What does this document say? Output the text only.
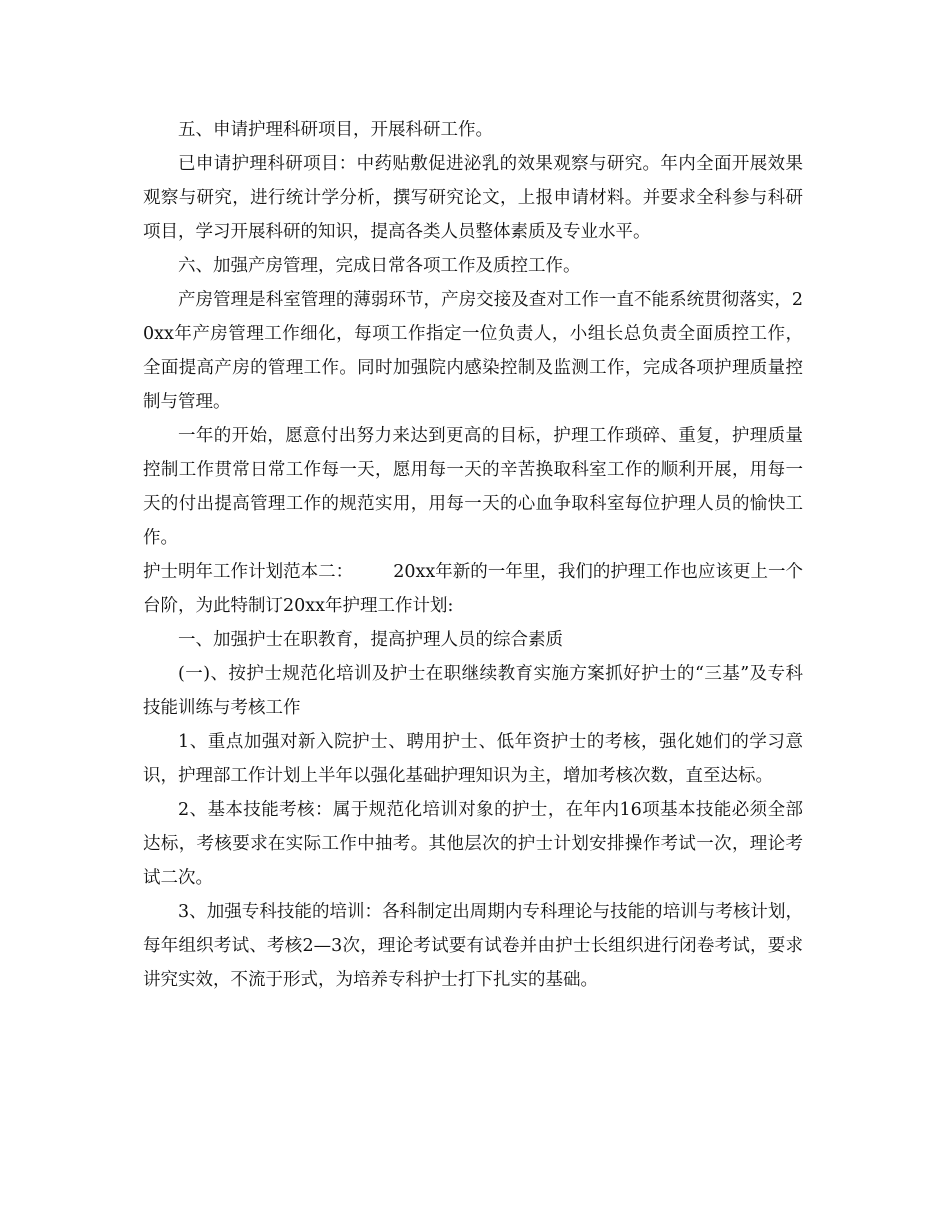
五、申请护理科研项目，开展科研工作。

已申请护理科研项目：中药贴敷促进泌乳的效果观察与研究。年内全面开展效果观察与研究，进行统计学分析，撰写研究论文，上报申请材料。并要求全科参与科研项目，学习开展科研的知识，提高各类人员整体素质及专业水平。

六、加强产房管理，完成日常各项工作及质控工作。

产房管理是科室管理的薄弱环节，产房交接及查对工作一直不能系统贯彻落实，20xx年产房管理工作细化，每项工作指定一位负责人，小组长总负责全面质控工作，全面提高产房的管理工作。同时加强院内感染控制及监测工作，完成各项护理质量控制与管理。

一年的开始，愿意付出努力来达到更高的目标，护理工作琐碎、重复，护理质量控制工作贯常日常工作每一天，愿用每一天的辛苦换取科室工作的顺利开展，用每一天的付出提高管理工作的规范实用，用每一天的心血争取科室每位护理人员的愉快工作。

护士明年工作计划范本二： 20xx年新的一年里，我们的护理工作也应该更上一个台阶，为此特制订20xx年护理工作计划:

一、加强护士在职教育，提高护理人员的综合素质

(一)、按护士规范化培训及护士在职继续教育实施方案抓好护士的“三基”及专科技能训练与考核工作

1、重点加强对新入院护士、聘用护士、低年资护士的考核，强化她们的学习意识，护理部工作计划上半年以强化基础护理知识为主，增加考核次数，直至达标。

2、基本技能考核：属于规范化培训对象的护士，在年内16项基本技能必须全部达标，考核要求在实际工作中抽考。其他层次的护士计划安排操作考试一次，理论考试二次。

3、加强专科技能的培训：各科制定出周期内专科理论与技能的培训与考核计划，每年组织考试、考核2—3次，理论考试要有试卷并由护士长组织进行闭卷考试，要求讲究实效，不流于形式，为培养专科护士打下扎实的基础。
